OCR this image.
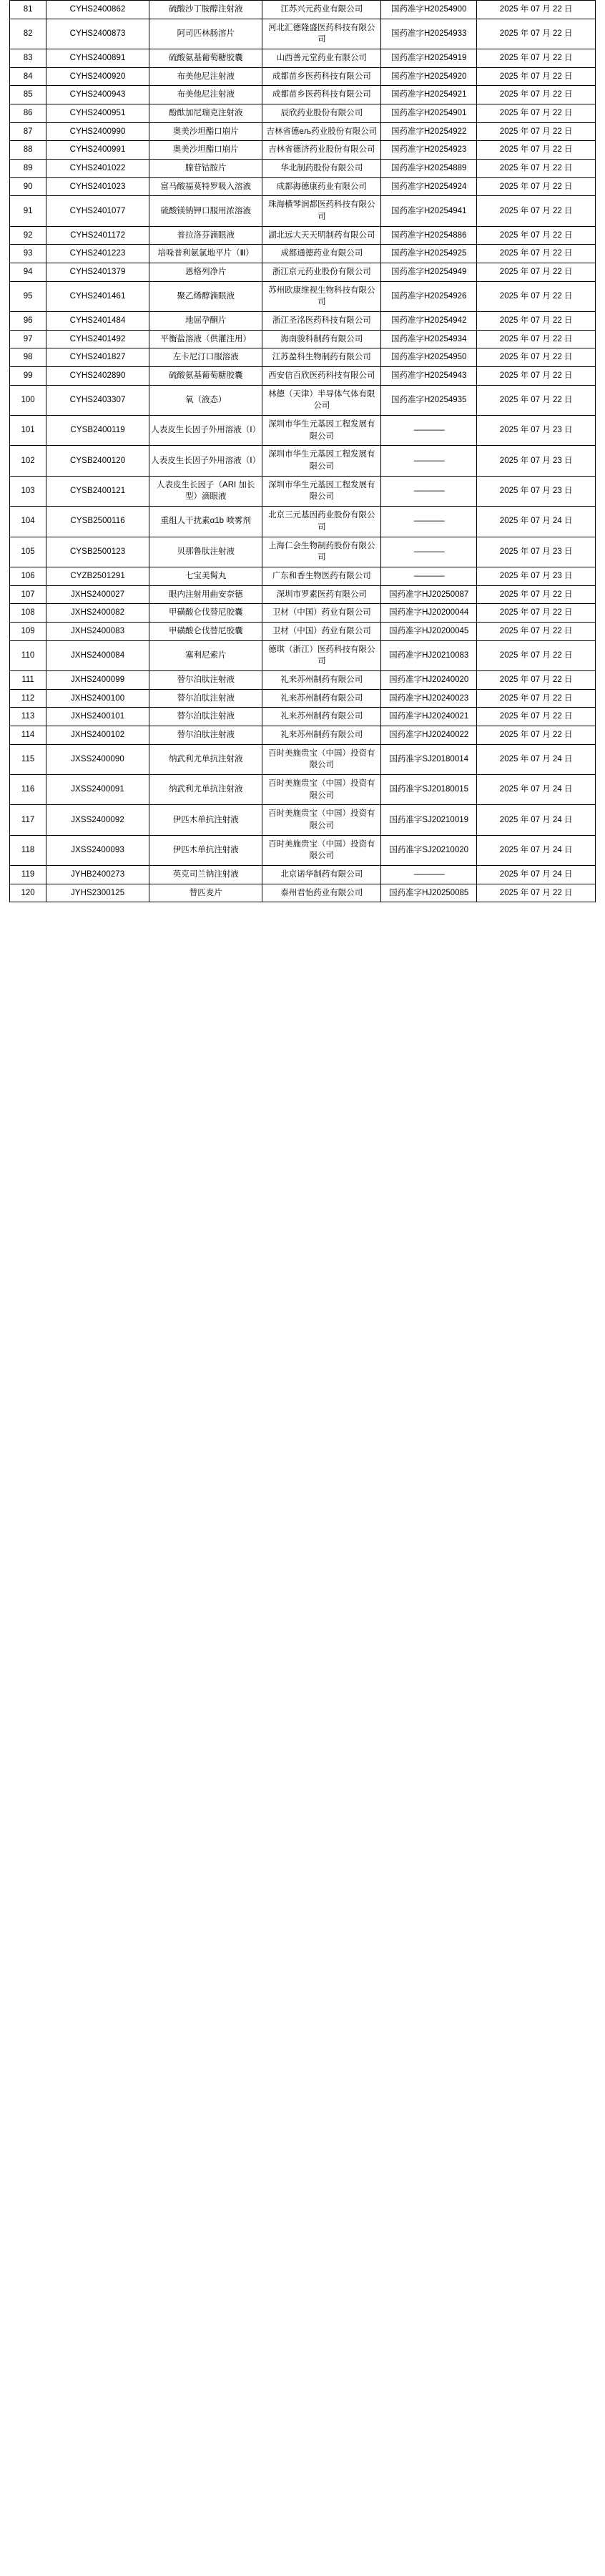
81	CYHS2400862	硫酸沙丁胺醇注射液	江苏兴元药业有限公司	国药准字H20254900	2025 年 07 月 22 日
82	CYHS2400873	阿司匹林肠溶片	河北汇德隆盛医药科技有限公司	国药准字H20254933	2025 年 07 月 22 日
83	CYHS2400891	硫酸氨基葡萄糖胶囊	山西善元堂药业有限公司	国药准字H20254919	2025 年 07 月 22 日
84	CYHS2400920	布美他尼注射液	成都苗乡医药科技有限公司	国药准字H20254920	2025 年 07 月 22 日
85	CYHS2400943	布美他尼注射液	成都苗乡医药科技有限公司	国药准字H20254921	2025 年 07 月 22 日
86	CYHS2400951	酚酞加尼瑞克注射液	辰欣药业股份有限公司	国药准字H20254901	2025 年 07 月 22 日
87	CYHS2400990	奥美沙坦酯口崩片	吉林省德ељ药业股份有限公司	国药准字H20254922	2025 年 07 月 22 日
88	CYHS2400991	奥美沙坦酯口崩片	吉林省德济药业股份有限公司	国药准字H20254923	2025 年 07 月 22 日
89	CYHS2401022	腺苷钴胺片	华北制药股份有限公司	国药准字H20254889	2025 年 07 月 22 日
90	CYHS2401023	富马酸福莫特罗吸入溶液	成都海德康药业有限公司	国药准字H20254924	2025 年 07 月 22 日
91	CYHS2401077	硫酸镁钠钾口服用浓溶液	珠海横琴润都医药科技有限公司	国药准字H20254941	2025 年 07 月 22 日
92	CYHS2401172	普拉洛芬滴眼液	湖北远大天天明制药有限公司	国药准字H20254886	2025 年 07 月 22 日
93	CYHS2401223	培哚普利氨氯地平片（Ⅲ）	成都通德药业有限公司	国药准字H20254925	2025 年 07 月 22 日
94	CYHS2401379	恩格列净片	浙江京元药业股份有限公司	国药准字H20254949	2025 年 07 月 22 日
95	CYHS2401461	聚乙烯醇滴眼液	苏州欧康维视生物科技有限公司	国药准字H20254926	2025 年 07 月 22 日
96	CYHS2401484	地屈孕酮片	浙江圣洺医药科技有限公司	国药准字H20254942	2025 年 07 月 22 日
97	CYHS2401492	平衡盐溶液（供灌注用）	海南骏科制药有限公司	国药准字H20254934	2025 年 07 月 22 日
98	CYHS2401827	左卡尼汀口服溶液	江苏盈科生物制药有限公司	国药准字H20254950	2025 年 07 月 22 日
99	CYHS2402890	硫酸氨基葡萄糖胶囊	西安信百欣医药科技有限公司	国药准字H20254943	2025 年 07 月 22 日
100	CYHS2403307	氧（液态）	林德（天津）半导体气体有限公司	国药准字H20254935	2025 年 07 月 22 日
101	CYSB2400119	人表皮生长因子外用溶液（Ⅰ）	深圳市华生元基因工程发展有限公司	————	2025 年 07 月 23 日
102	CYSB2400120	人表皮生长因子外用溶液（Ⅰ）	深圳市华生元基因工程发展有限公司	————	2025 年 07 月 23 日
103	CYSB2400121	人表皮生长因子（ARI 加长型）滴眼液	深圳市华生元基因工程发展有限公司	————	2025 年 07 月 23 日
104	CYSB2500116	重组人干扰素α1b 喷雾剂	北京三元基因药业股份有限公司	————	2025 年 07 月 24 日
105	CYSB2500123	贝那鲁肽注射液	上海仁会生物制药股份有限公司	————	2025 年 07 月 23 日
106	CYZB2501291	七宝美髯丸	广东和香生物医药有限公司	————	2025 年 07 月 23 日
107	JXHS2400027	眼内注射用曲安奈德	深圳市罗素医药有限公司	国药准字HJ20250087	2025 年 07 月 22 日
108	JXHS2400082	甲磺酸仑伐替尼胶囊	卫材（中国）药业有限公司	国药准字HJ20200044	2025 年 07 月 22 日
109	JXHS2400083	甲磺酸仑伐替尼胶囊	卫材（中国）药业有限公司	国药准字HJ20200045	2025 年 07 月 22 日
110	JXHS2400084	塞利尼索片	德琪（浙江）医药科技有限公司	国药准字HJ20210083	2025 年 07 月 22 日
111	JXHS2400099	替尔泊肽注射液	礼来苏州制药有限公司	国药准字HJ20240020	2025 年 07 月 22 日
112	JXHS2400100	替尔泊肽注射液	礼来苏州制药有限公司	国药准字HJ20240023	2025 年 07 月 22 日
113	JXHS2400101	替尔泊肽注射液	礼来苏州制药有限公司	国药准字HJ20240021	2025 年 07 月 22 日
114	JXHS2400102	替尔泊肽注射液	礼来苏州制药有限公司	国药准字HJ20240022	2025 年 07 月 22 日
115	JXSS2400090	纳武利尤单抗注射液	百时美施贵宝（中国）投资有限公司	国药准字SJ20180014	2025 年 07 月 24 日
116	JXSS2400091	纳武利尤单抗注射液	百时美施贵宝（中国）投资有限公司	国药准字SJ20180015	2025 年 07 月 24 日
117	JXSS2400092	伊匹木单抗注射液	百时美施贵宝（中国）投资有限公司	国药准字SJ20210019	2025 年 07 月 24 日
118	JXSS2400093	伊匹木单抗注射液	百时美施贵宝（中国）投资有限公司	国药准字SJ20210020	2025 年 07 月 24 日
119	JYHB2400273	英克司兰钠注射液	北京诺华制药有限公司	————	2025 年 07 月 24 日
120	JYHS2300125	替匹麦片	泰州君怡药业有限公司	国药准字HJ20250085	2025 年 07 月 22 日
